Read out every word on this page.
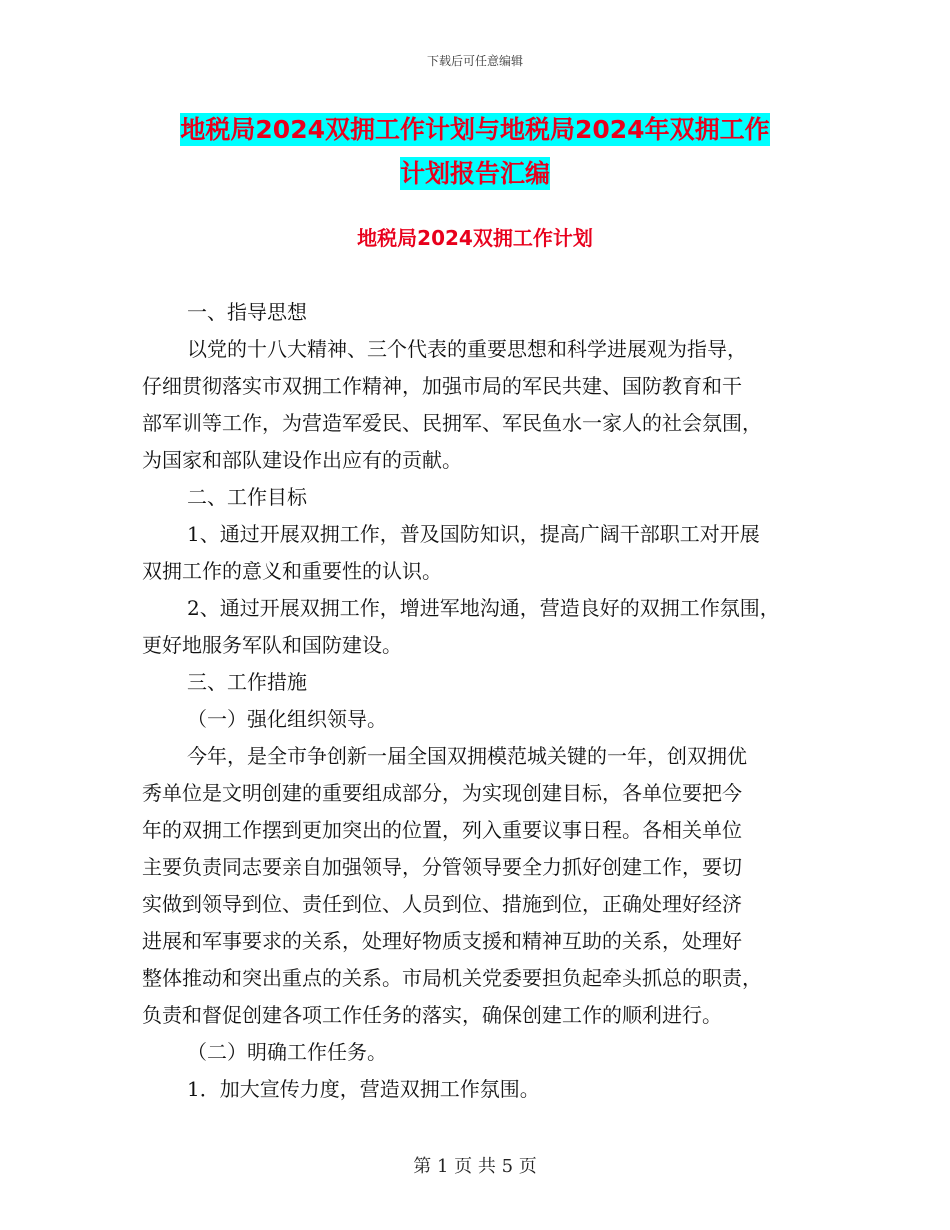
下载后可任意编辑
地税局2024双拥工作计划与地税局2024年双拥工作
计划报告汇编
地税局2024双拥工作计划

一、指导思想

以党的十八大精神、三个代表的重要思想和科学进展观为指导，

仔细贯彻落实市双拥工作精神，加强市局的军民共建、国防教育和干

部军训等工作，为营造军爱民、民拥军、军民鱼水一家人的社会氛围，

为国家和部队建设作出应有的贡献。

二、工作目标

1、通过开展双拥工作，普及国防知识，提高广阔干部职工对开展

双拥工作的意义和重要性的认识。

2、通过开展双拥工作，增进军地沟通，营造良好的双拥工作氛围，

更好地服务军队和国防建设。

三、工作措施

（一）强化组织领导。

今年，是全市争创新一届全国双拥模范城关键的一年，创双拥优

秀单位是文明创建的重要组成部分，为实现创建目标，各单位要把今

年的双拥工作摆到更加突出的位置，列入重要议事日程。各相关单位

主要负责同志要亲自加强领导，分管领导要全力抓好创建工作，要切

实做到领导到位、责任到位、人员到位、措施到位，正确处理好经济

进展和军事要求的关系，处理好物质支援和精神互助的关系，处理好

整体推动和突出重点的关系。市局机关党委要担负起牵头抓总的职责，

负责和督促创建各项工作任务的落实，确保创建工作的顺利进行。

（二）明确工作任务。

1．加大宣传力度，营造双拥工作氛围。

第 1 页 共 5 页
